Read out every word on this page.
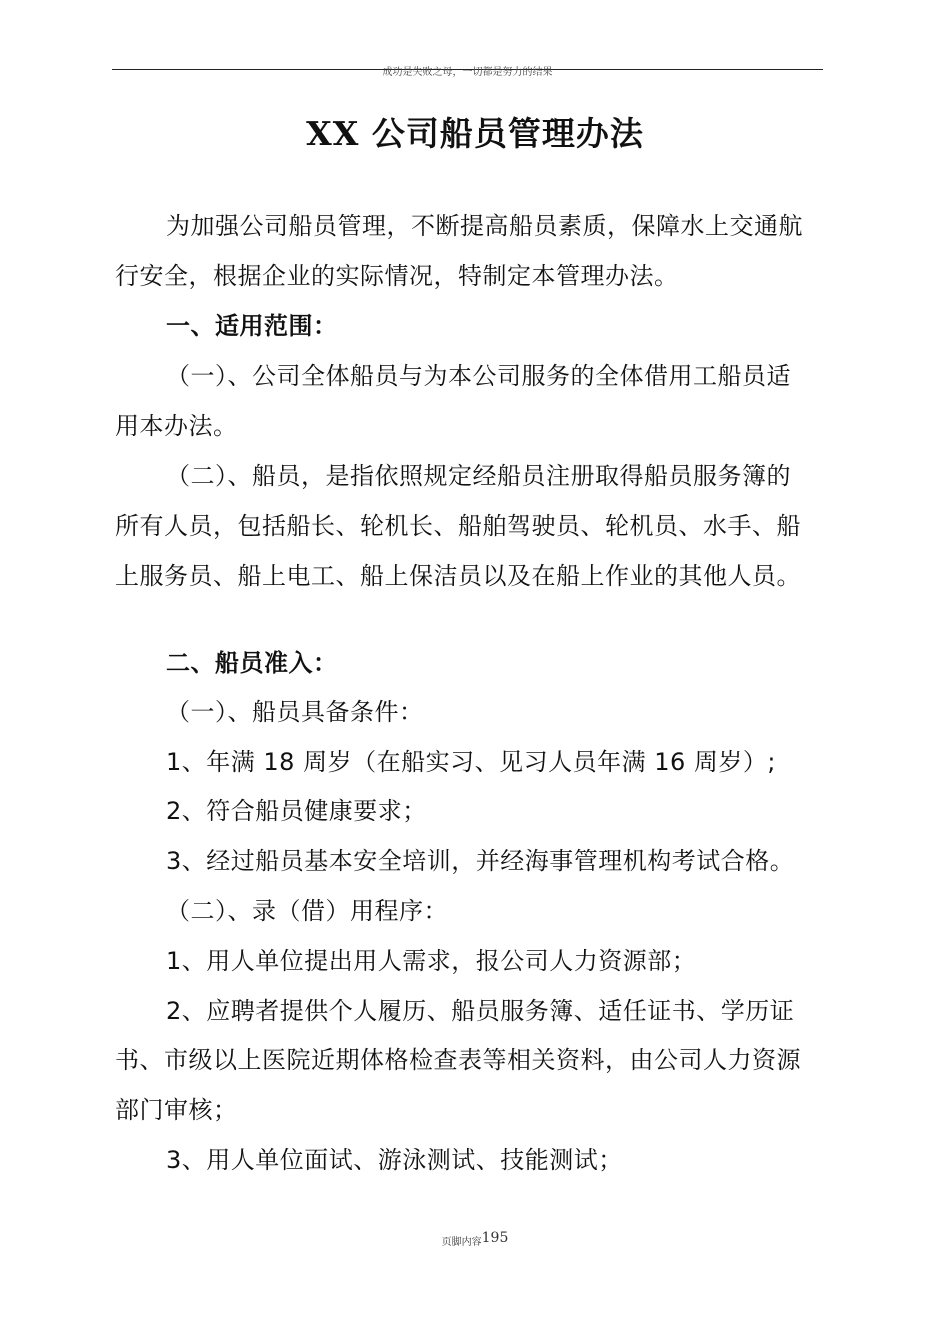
成功是失败之母，一切都是努力的结果
XX 公司船员管理办法
为加强公司船员管理，不断提高船员素质，保障水上交通航
行安全，根据企业的实际情况，特制定本管理办法。
一、适用范围：
（一）、公司全体船员与为本公司服务的全体借用工船员适
用本办法。
（二）、船员，是指依照规定经船员注册取得船员服务簿的
所有人员，包括船长、轮机长、船舶驾驶员、轮机员、水手、船
上服务员、船上电工、船上保洁员以及在船上作业的其他人员。
二、船员准入：
（一）、船员具备条件：
1、年满 18 周岁（在船实习、见习人员年满 16 周岁）;
2、符合船员健康要求；
3、经过船员基本安全培训，并经海事管理机构考试合格。
（二）、录（借）用程序：
1、用人单位提出用人需求，报公司人力资源部；
2、应聘者提供个人履历、船员服务簿、适任证书、学历证
书、市级以上医院近期体格检查表等相关资料，由公司人力资源
部门审核；
3、用人单位面试、游泳测试、技能测试；
页脚内容195
